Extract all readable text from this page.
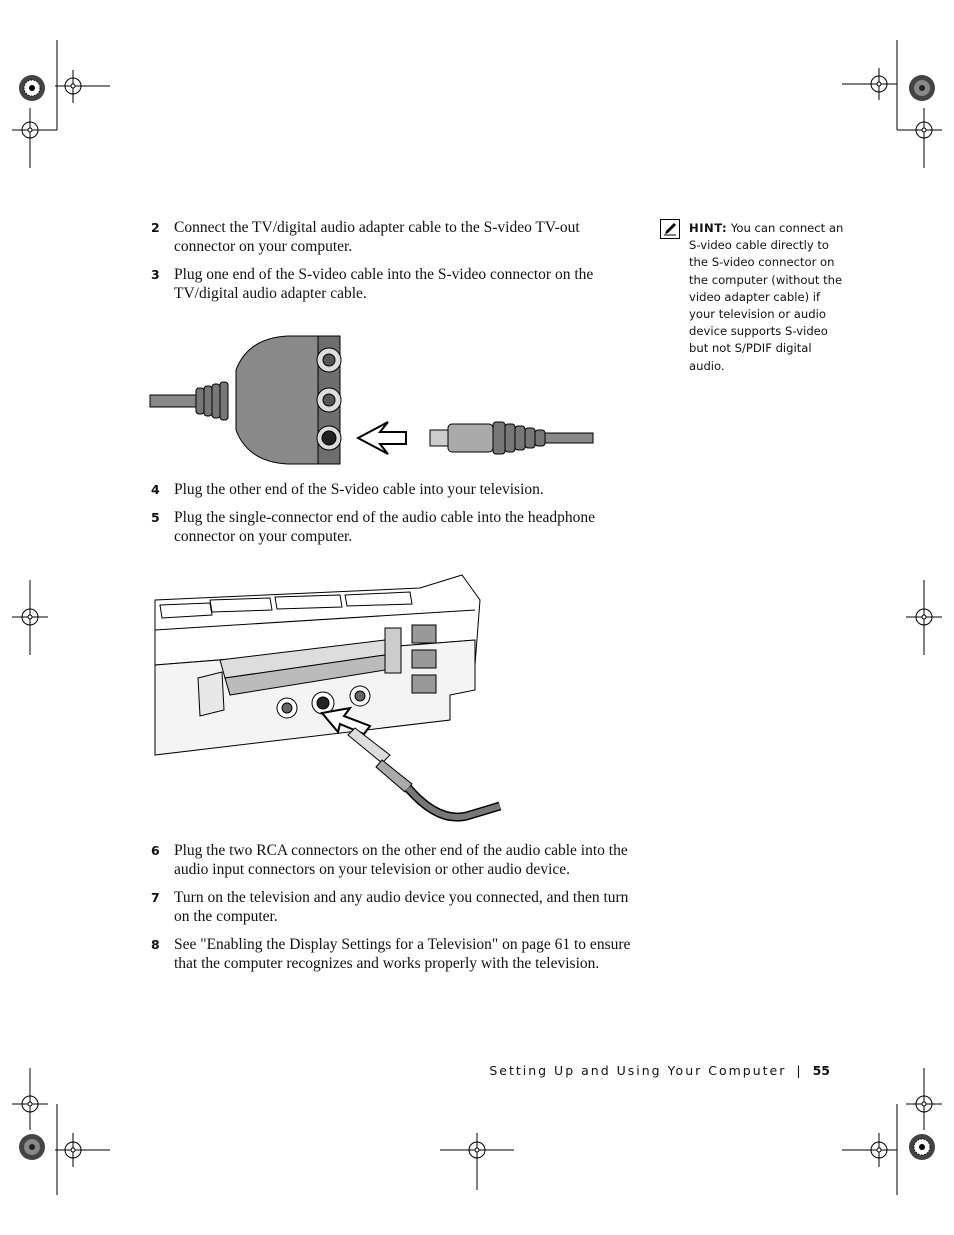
2 Connect the TV/digital audio adapter cable to the S-video TV-out connector on your computer.
3 Plug one end of the S-video cable into the S-video connector on the TV/digital audio adapter cable.
4 Plug the other end of the S-video cable into your television.
5 Plug the single-connector end of the audio cable into the headphone connector on your computer.
6 Plug the two RCA connectors on the other end of the audio cable into the audio input connectors on your television or other audio device.
7 Turn on the television and any audio device you connected, and then turn on the computer.
8 See "Enabling the Display Settings for a Television" on page 61 to ensure that the computer recognizes and works properly with the television.
HINT: You can connect an S-video cable directly to the S-video connector on the computer (without the video adapter cable) if your television or audio device supports S-video but not S/PDIF digital audio.
Setting Up and Using Your Computer | 55
